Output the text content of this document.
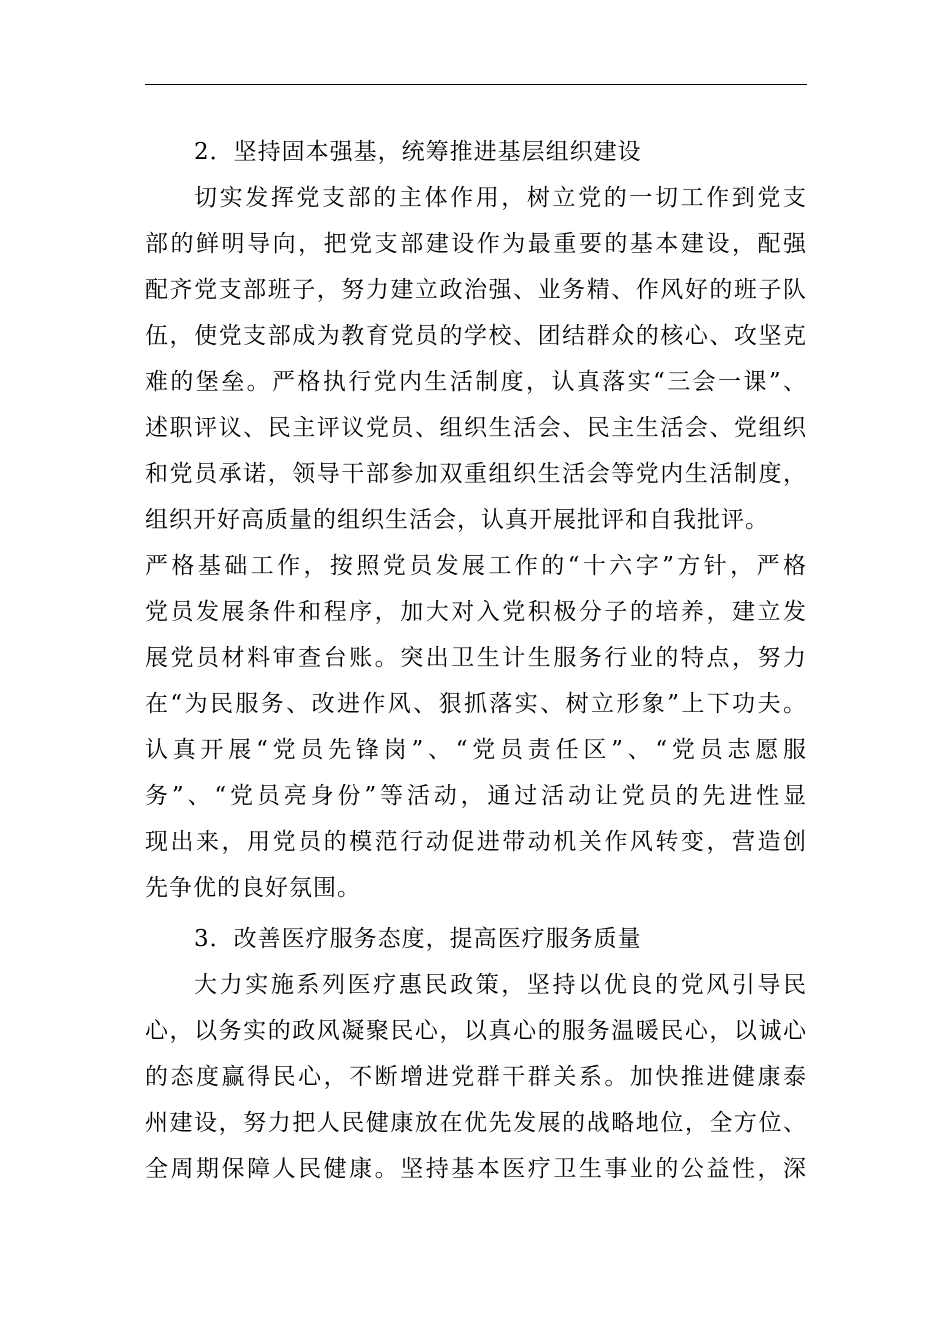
2．坚持固本强基，统筹推进基层组织建设
切实发挥党支部的主体作用，树立党的一切工作到党支
部的鲜明导向，把党支部建设作为最重要的基本建设，配强
配齐党支部班子，努力建立政治强、业务精、作风好的班子队
伍，使党支部成为教育党员的学校、团结群众的核心、攻坚克
难的堡垒。严格执行党内生活制度，认真落实“三会一课”、
述职评议、民主评议党员、组织生活会、民主生活会、党组织
和党员承诺，领导干部参加双重组织生活会等党内生活制度，
组织开好高质量的组织生活会，认真开展批评和自我批评。
严格基础工作，按照党员发展工作的“十六字”方针，严格
党员发展条件和程序，加大对入党积极分子的培养，建立发
展党员材料审查台账。突出卫生计生服务行业的特点，努力
在“为民服务、改进作风、狠抓落实、树立形象”上下功夫。
认真开展“党员先锋岗”、“党员责任区”、“党员志愿服
务”、“党员亮身份”等活动，通过活动让党员的先进性显
现出来，用党员的模范行动促进带动机关作风转变，营造创
先争优的良好氛围。
3．改善医疗服务态度，提高医疗服务质量
大力实施系列医疗惠民政策，坚持以优良的党风引导民
心，以务实的政风凝聚民心，以真心的服务温暖民心，以诚心
的态度赢得民心，不断增进党群干群关系。加快推进健康泰
州建设，努力把人民健康放在优先发展的战略地位，全方位、
全周期保障人民健康。坚持基本医疗卫生事业的公益性，深
